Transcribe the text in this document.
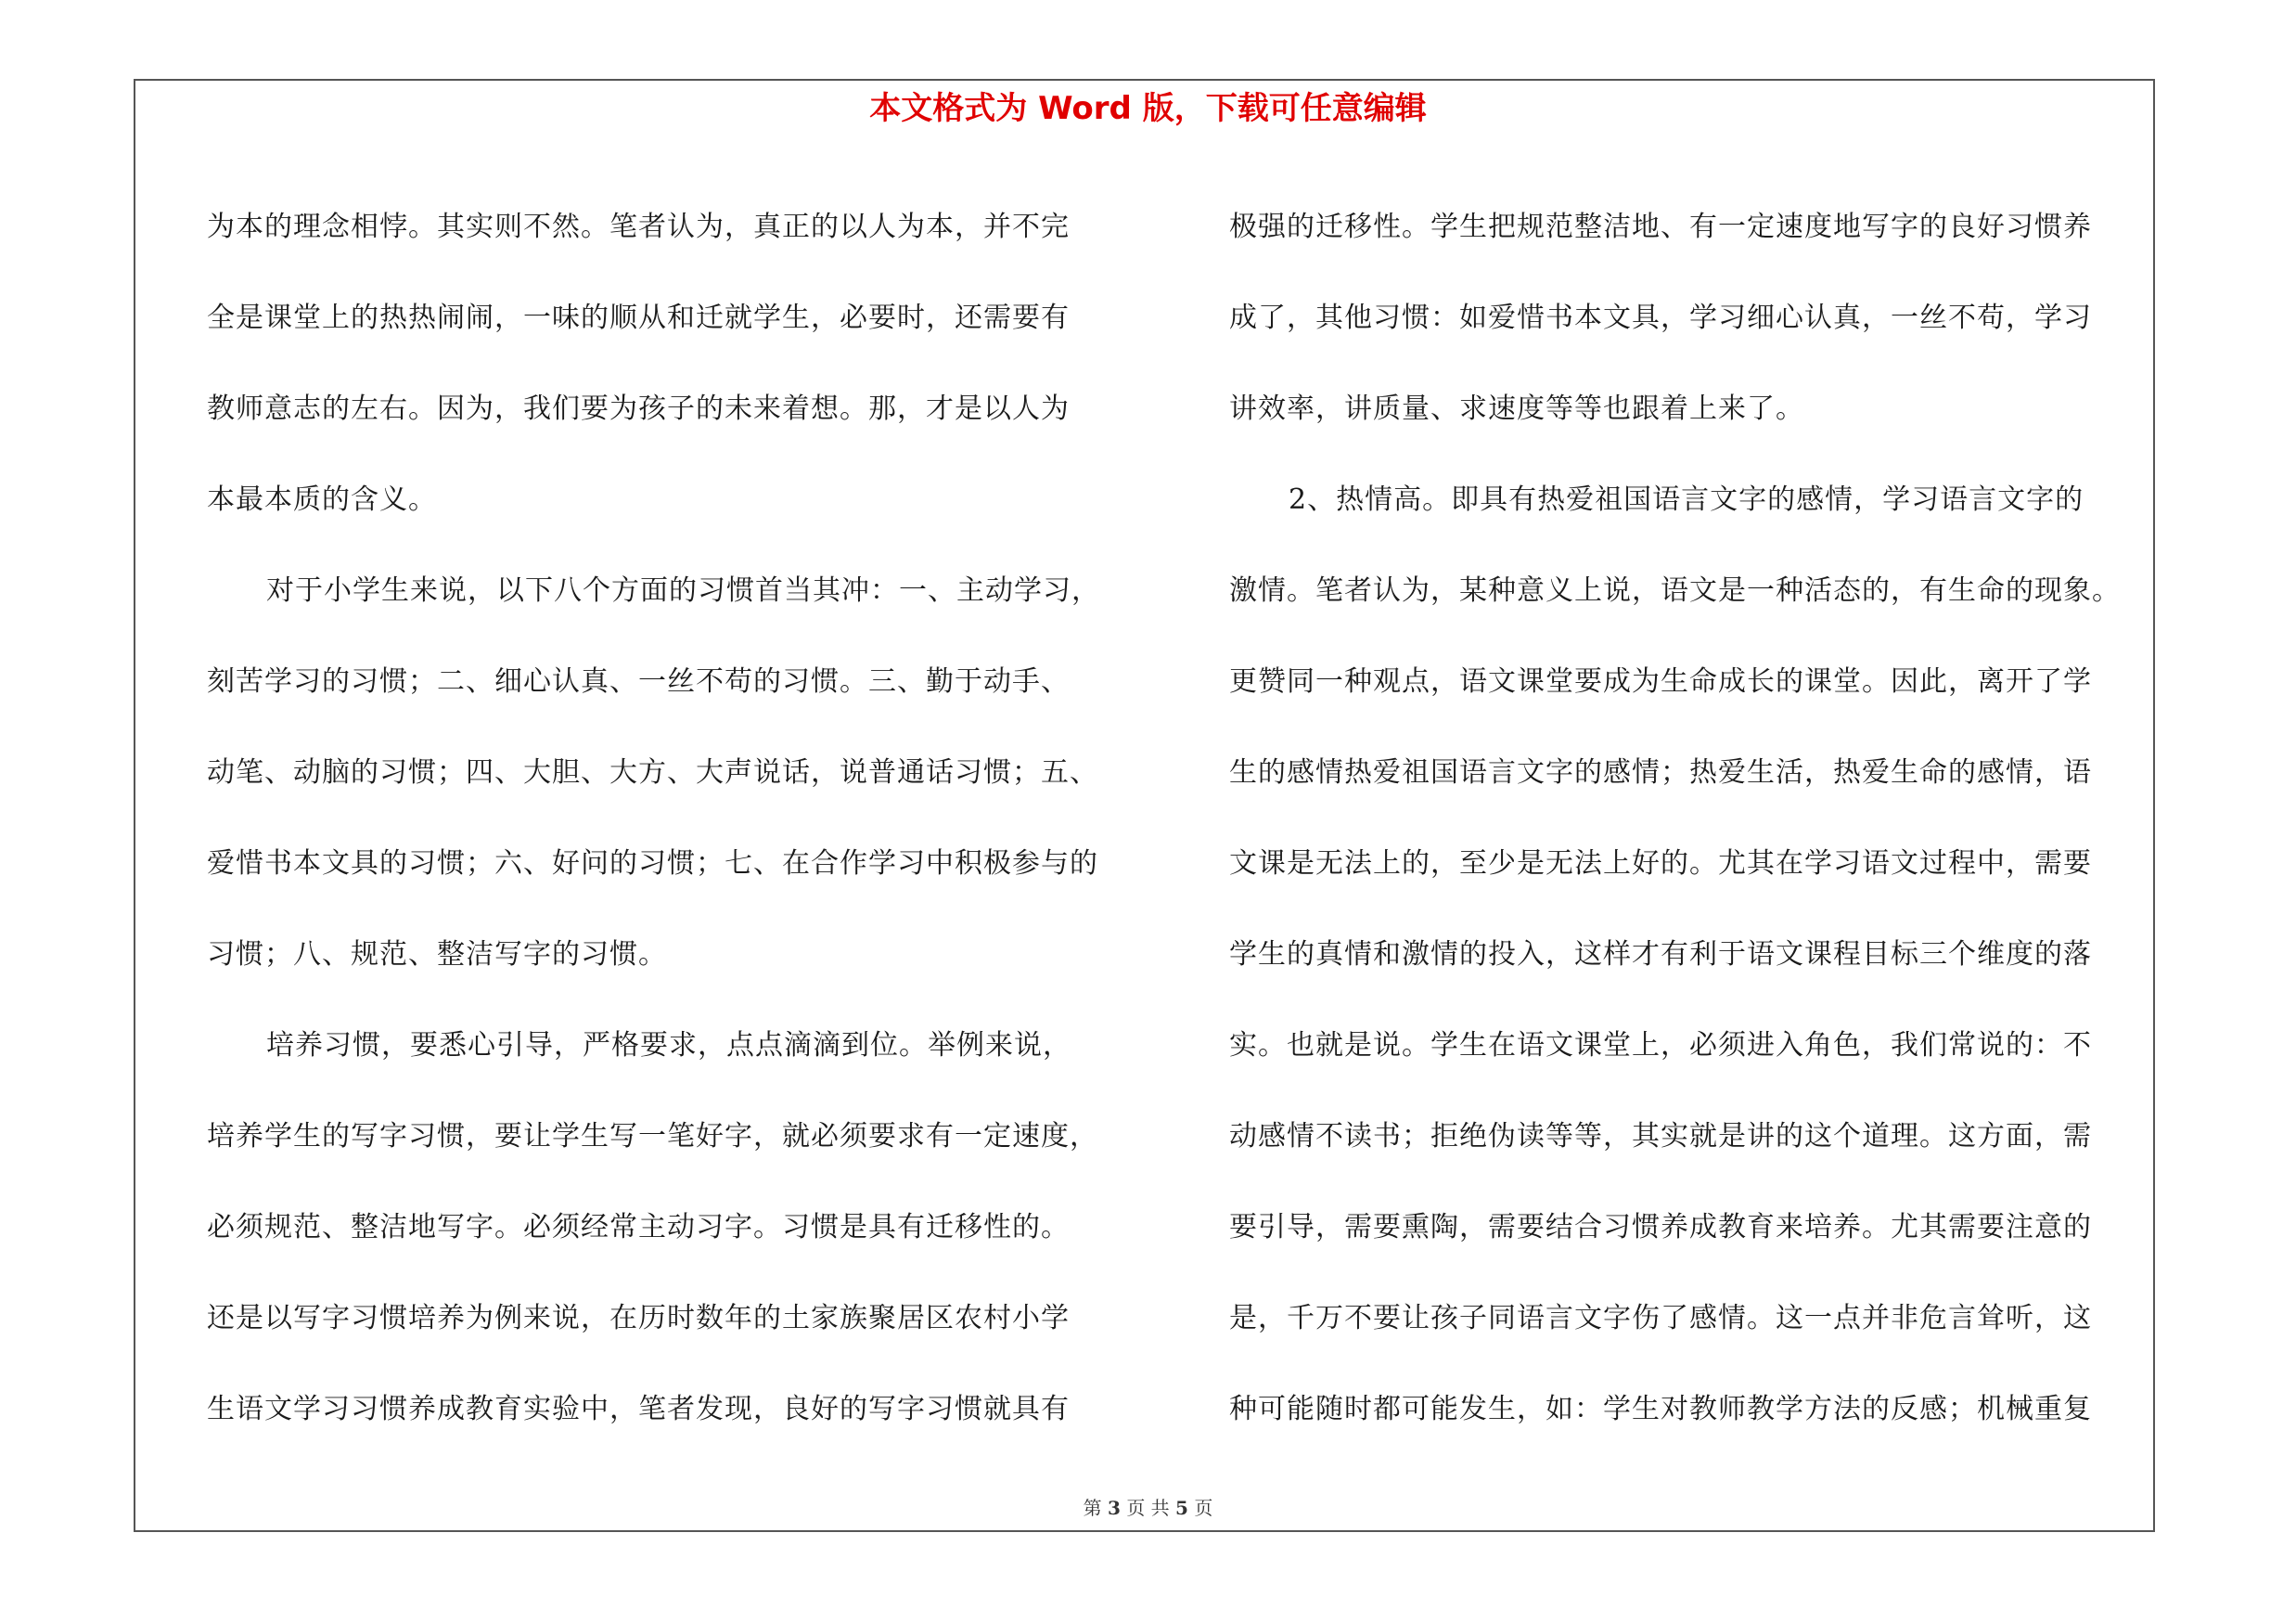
本文格式为 Word 版，下载可任意编辑
为本的理念相悖。其实则不然。笔者认为，真正的以人为本，并不完
全是课堂上的热热闹闹，一味的顺从和迁就学生，必要时，还需要有
教师意志的左右。因为，我们要为孩子的未来着想。那，才是以人为
本最本质的含义。
对于小学生来说，以下八个方面的习惯首当其冲：一、主动学习，
刻苦学习的习惯；二、细心认真、一丝不苟的习惯。三、勤于动手、
动笔、动脑的习惯；四、大胆、大方、大声说话，说普通话习惯；五、
爱惜书本文具的习惯；六、好问的习惯；七、在合作学习中积极参与的
习惯；八、规范、整洁写字的习惯。
培养习惯，要悉心引导，严格要求，点点滴滴到位。举例来说，
培养学生的写字习惯，要让学生写一笔好字，就必须要求有一定速度，
必须规范、整洁地写字。必须经常主动习字。习惯是具有迁移性的。
还是以写字习惯培养为例来说，在历时数年的土家族聚居区农村小学
生语文学习习惯养成教育实验中，笔者发现，良好的写字习惯就具有
极强的迁移性。学生把规范整洁地、有一定速度地写字的良好习惯养
成了，其他习惯：如爱惜书本文具，学习细心认真，一丝不苟，学习
讲效率，讲质量、求速度等等也跟着上来了。
2、热情高。即具有热爱祖国语言文字的感情，学习语言文字的
激情。笔者认为，某种意义上说，语文是一种活态的，有生命的现象。
更赞同一种观点，语文课堂要成为生命成长的课堂。因此，离开了学
生的感情热爱祖国语言文字的感情；热爱生活，热爱生命的感情，语
文课是无法上的，至少是无法上好的。尤其在学习语文过程中，需要
学生的真情和激情的投入，这样才有利于语文课程目标三个维度的落
实。也就是说。学生在语文课堂上，必须进入角色，我们常说的：不
动感情不读书；拒绝伪读等等，其实就是讲的这个道理。这方面，需
要引导，需要熏陶，需要结合习惯养成教育来培养。尤其需要注意的
是，千万不要让孩子同语言文字伤了感情。这一点并非危言耸听，这
种可能随时都可能发生，如：学生对教师教学方法的反感；机械重复
第 3 页 共 5 页
